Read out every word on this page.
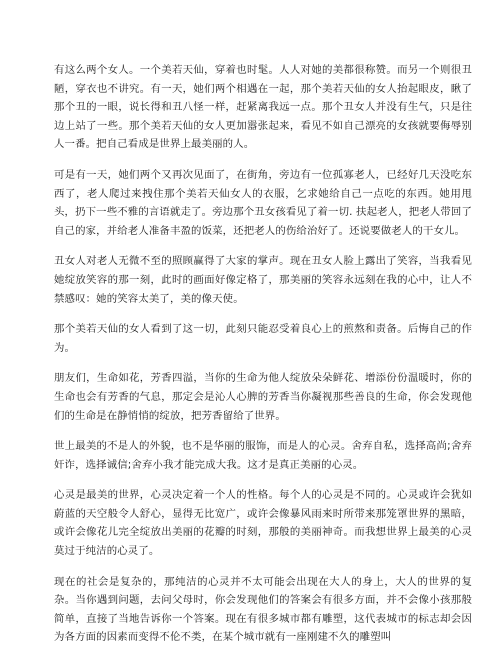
有这么两个女人。一个美若天仙，穿着也时髦。人人对她的美都很称赞。而另一个则很丑陋，穿衣也不讲究。有一天，她们两个相遇在一起，那个美若天仙的女人抬起眼皮，瞅了那个丑的一眼，说长得和丑八怪一样，赶紧离我远一点。那个丑女人并没有生气，只是往边上站了一些。那个美若天仙的女人更加嚣张起来，看见不如自己漂亮的女孩就要侮辱别人一番。把自己看成是世界上最美丽的人。

可是有一天，她们两个又再次见面了，在街角，旁边有一位孤寡老人，已经好几天没吃东西了，老人爬过来拽住那个美若天仙女人的衣服，乞求她给自己一点吃的东西。她用甩头，扔下一些不雅的言语就走了。旁边那个丑女孩看见了着一切. 扶起老人，把老人带回了自己的家，并给老人准备丰盈的饭菜，还把老人的伤给治好了。还说要做老人的干女儿。

丑女人对老人无微不至的照顾赢得了大家的掌声。现在丑女人脸上露出了笑容，当我看见她绽放笑容的那一刻，此时的画面好像定格了，那美丽的笑容永远刻在我的心中，让人不禁感叹：她的笑容太美了，美的像天使。

那个美若天仙的女人看到了这一切，此刻只能忍受着良心上的煎熬和责备。后悔自己的作为。

朋友们，生命如花，芳香四溢，当你的生命为他人绽放朵朵鲜花、增添份份温暖时，你的生命也会有芳香的气息，那定会是沁人心脾的芳香当你凝视那些善良的生命，你会发现他们的生命是在静悄悄的绽放，把芳香留给了世界。

世上最美的不是人的外貌，也不是华丽的服饰，而是人的心灵。舍弃自私，选择高尚;舍弃奸诈，选择诚信;舍弃小我才能完成大我。这才是真正美丽的心灵。

心灵是最美的世界，心灵决定着一个人的性格。每个人的心灵是不同的。心灵或许会犹如蔚蓝的天空般令人舒心，显得无比宽广，或许会像暴风雨来时所带来那笼罩世界的黑暗，或许会像花儿完全绽放出美丽的花瓣的时刻，那般的美丽神奇。而我想世界上最美的心灵莫过于纯洁的心灵了。

现在的社会是复杂的，那纯洁的心灵并不太可能会出现在大人的身上，大人的世界的复杂。当你遇到问题，去问父母时，你会发现他们的答案会有很多方面，并不会像小孩那般简单，直接了当地告诉你一个答案。现在有很多城市都有雕塑，这代表城市的标志却会因为各方面的因素而变得不伦不类，在某个城市就有一座刚建不久的雕塑叫
